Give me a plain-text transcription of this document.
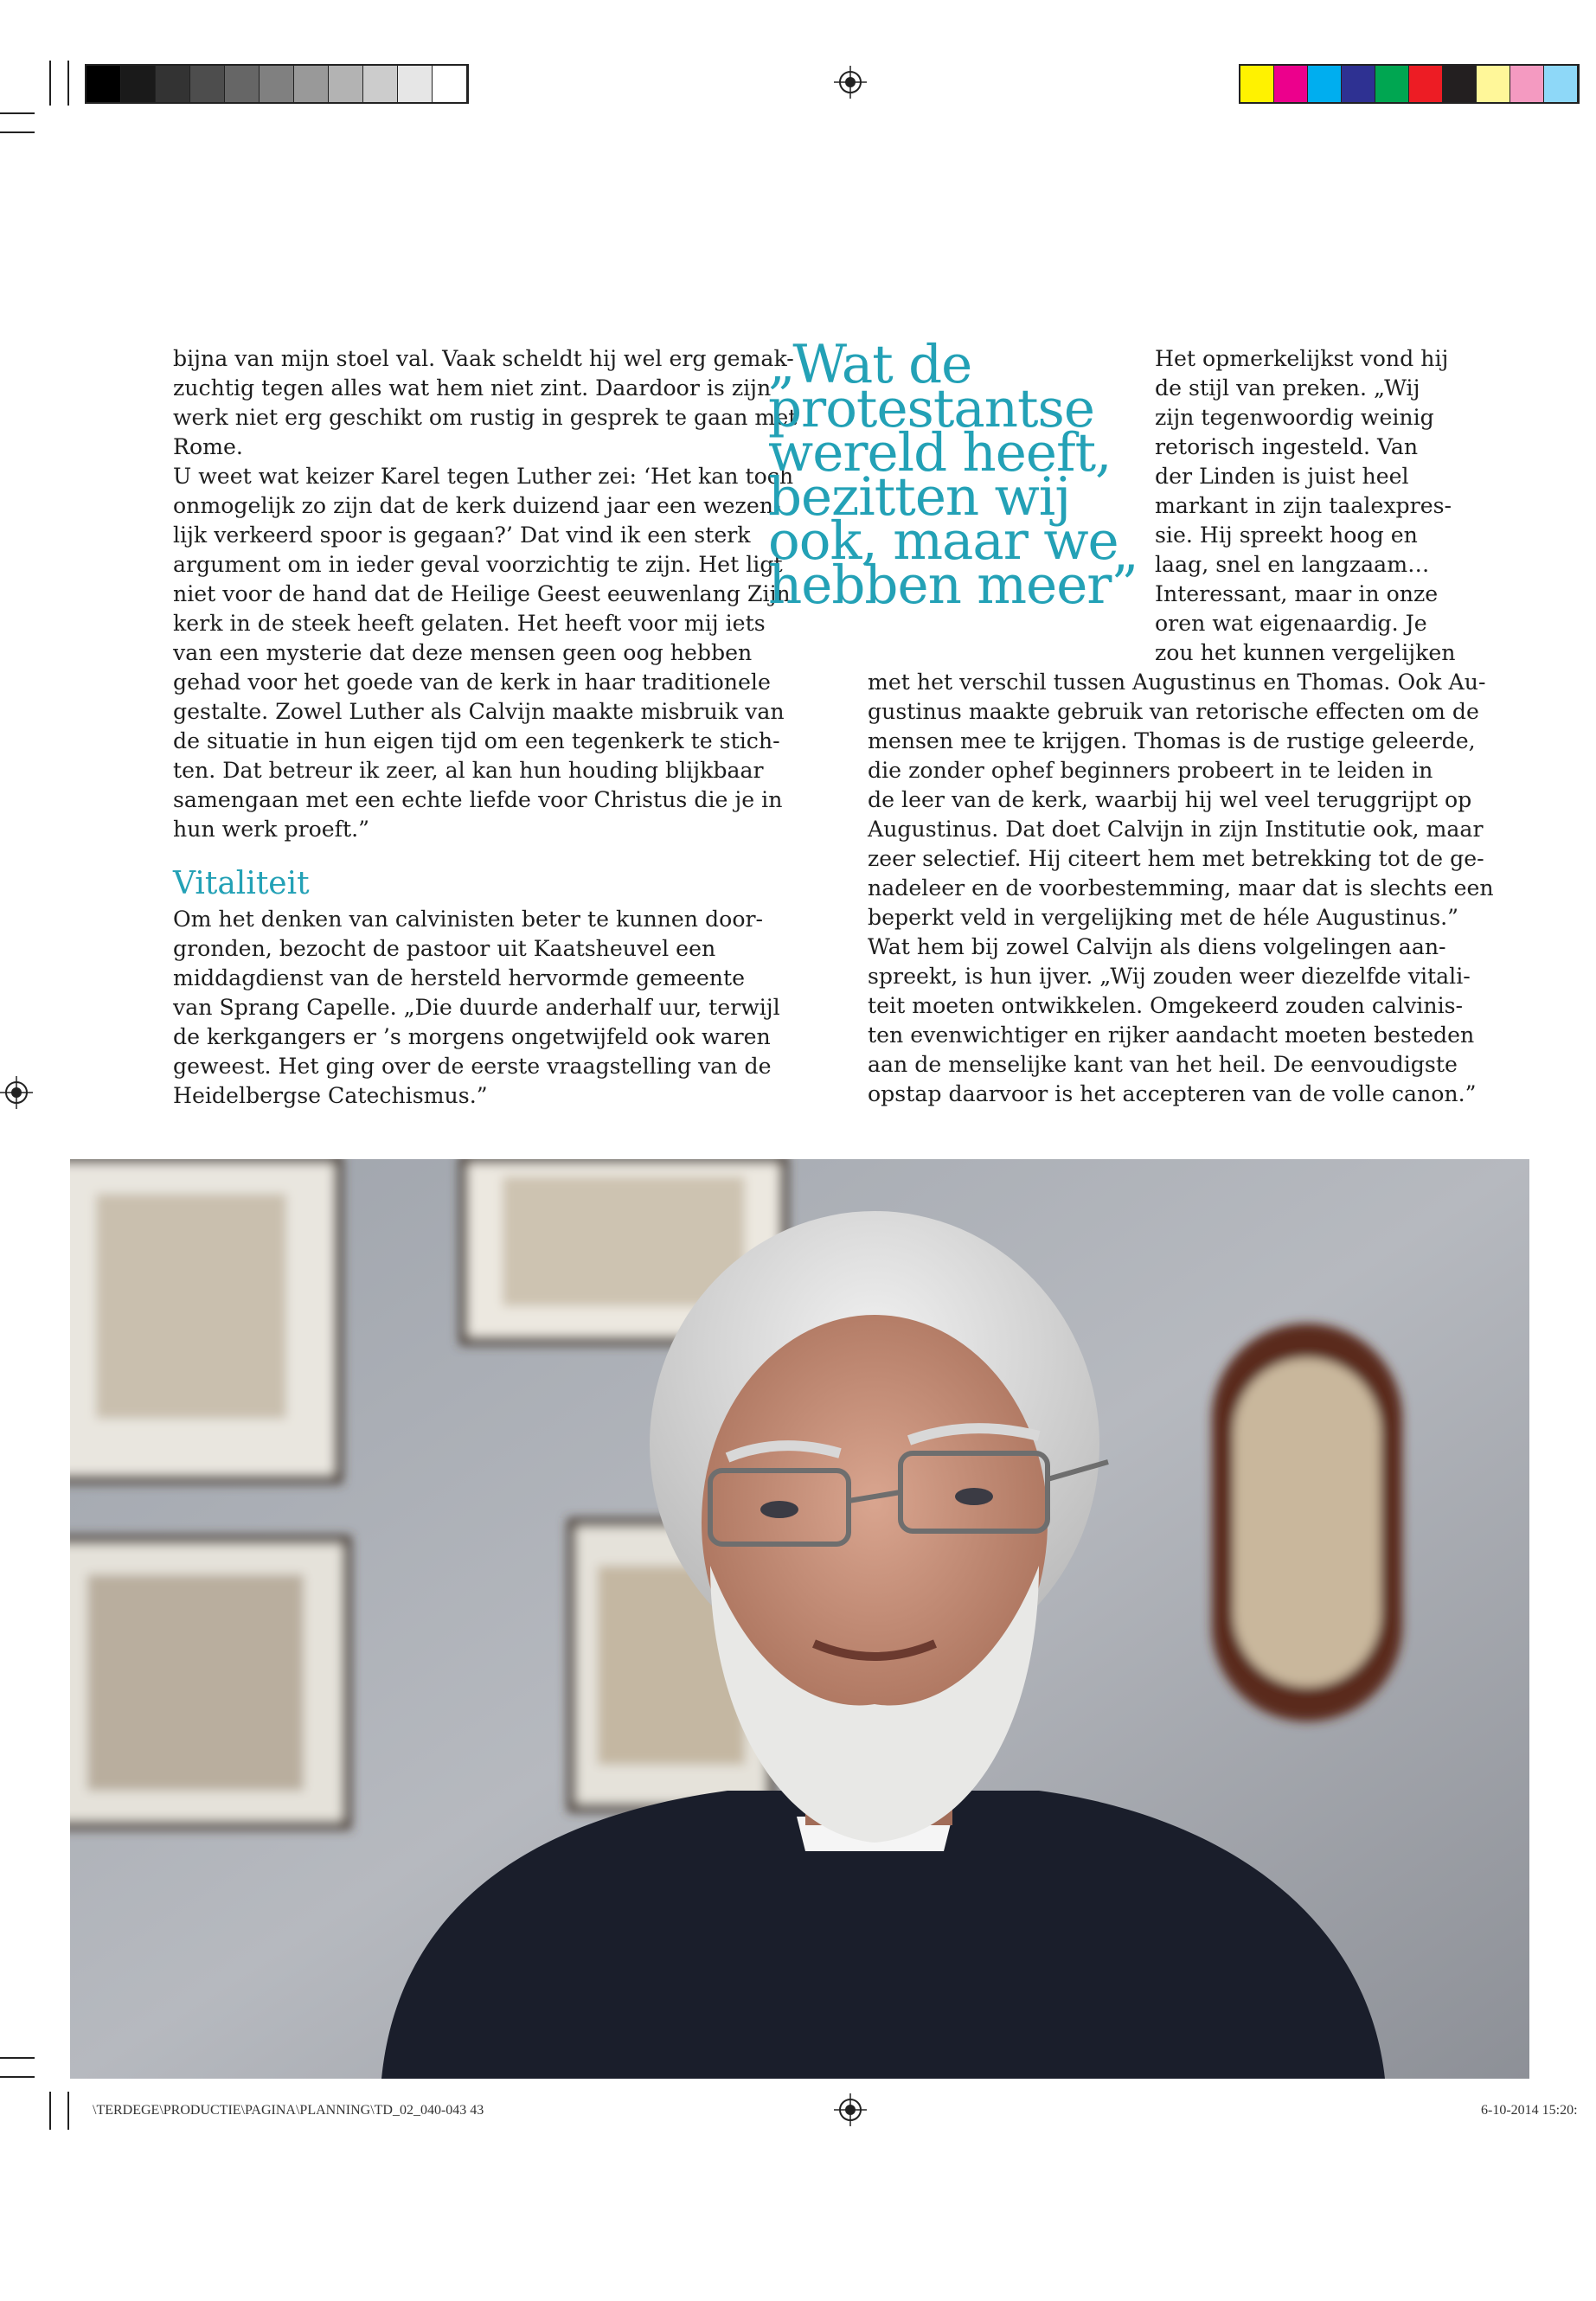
bijna van mijn stoel val. Vaak scheldt hij wel erg gemak-
zuchtig tegen alles wat hem niet zint. Daardoor is zijn
werk niet erg geschikt om rustig in gesprek te gaan met
Rome.
U weet wat keizer Karel tegen Luther zei: ‘Het kan toch
onmogelijk zo zijn dat de kerk duizend jaar een wezen-
lijk verkeerd spoor is gegaan?’ Dat vind ik een sterk
argument om in ieder geval voorzichtig te zijn. Het ligt
niet voor de hand dat de Heilige Geest eeuwenlang Zijn
kerk in de steek heeft gelaten. Het heeft voor mij iets
van een mysterie dat deze mensen geen oog hebben
gehad voor het goede van de kerk in haar traditionele
gestalte. Zowel Luther als Calvijn maakte misbruik van
de situatie in hun eigen tijd om een tegenkerk te stich-
ten. Dat betreur ik zeer, al kan hun houding blijkbaar
samengaan met een echte liefde voor Christus die je in
hun werk proeft.”

Vitaliteit

Om het denken van calvinisten beter te kunnen door-
gronden, bezocht de pastoor uit Kaatsheuvel een
middagdienst van de hersteld hervormde gemeente
van Sprang Capelle. „Die duurde anderhalf uur, terwijl
de kerkgangers er ’s morgens ongetwijfeld ook waren
geweest. Het ging over de eerste vraagstelling van de
Heidelbergse Catechismus.”

„Wat de
protestantse
wereld heeft,
bezitten wij
ook, maar we
hebben meer”
Het opmerkelijkst vond hij
de stijl van preken. „Wij
zijn tegenwoordig weinig
retorisch ingesteld. Van
der Linden is juist heel
markant in zijn taalexpres-
sie. Hij spreekt hoog en
laag, snel en langzaam…
Interessant, maar in onze
oren wat eigenaardig. Je
zou het kunnen vergelijken
met het verschil tussen Augustinus en Thomas. Ook Au-
gustinus maakte gebruik van retorische effecten om de
mensen mee te krijgen. Thomas is de rustige geleerde,
die zonder ophef beginners probeert in te leiden in
de leer van de kerk, waarbij hij wel veel teruggrijpt op
Augustinus. Dat doet Calvijn in zijn Institutie ook, maar
zeer selectief. Hij citeert hem met betrekking tot de ge-
nadeleer en de voorbestemming, maar dat is slechts een
beperkt veld in vergelijking met de héle Augustinus.”
Wat hem bij zowel Calvijn als diens volgelingen aan-
spreekt, is hun ijver. „Wij zouden weer diezelfde vitali-
teit moeten ontwikkelen. Omgekeerd zouden calvinis-
ten evenwichtiger en rijker aandacht moeten besteden
aan de menselijke kant van het heil. De eenvoudigste
opstap daarvoor is het accepteren van de volle canon.”
\TERDEGE\PRODUCTIE\PAGINA\PLANNING\TD_02_040-043 43	6-10-2014 15:20:
